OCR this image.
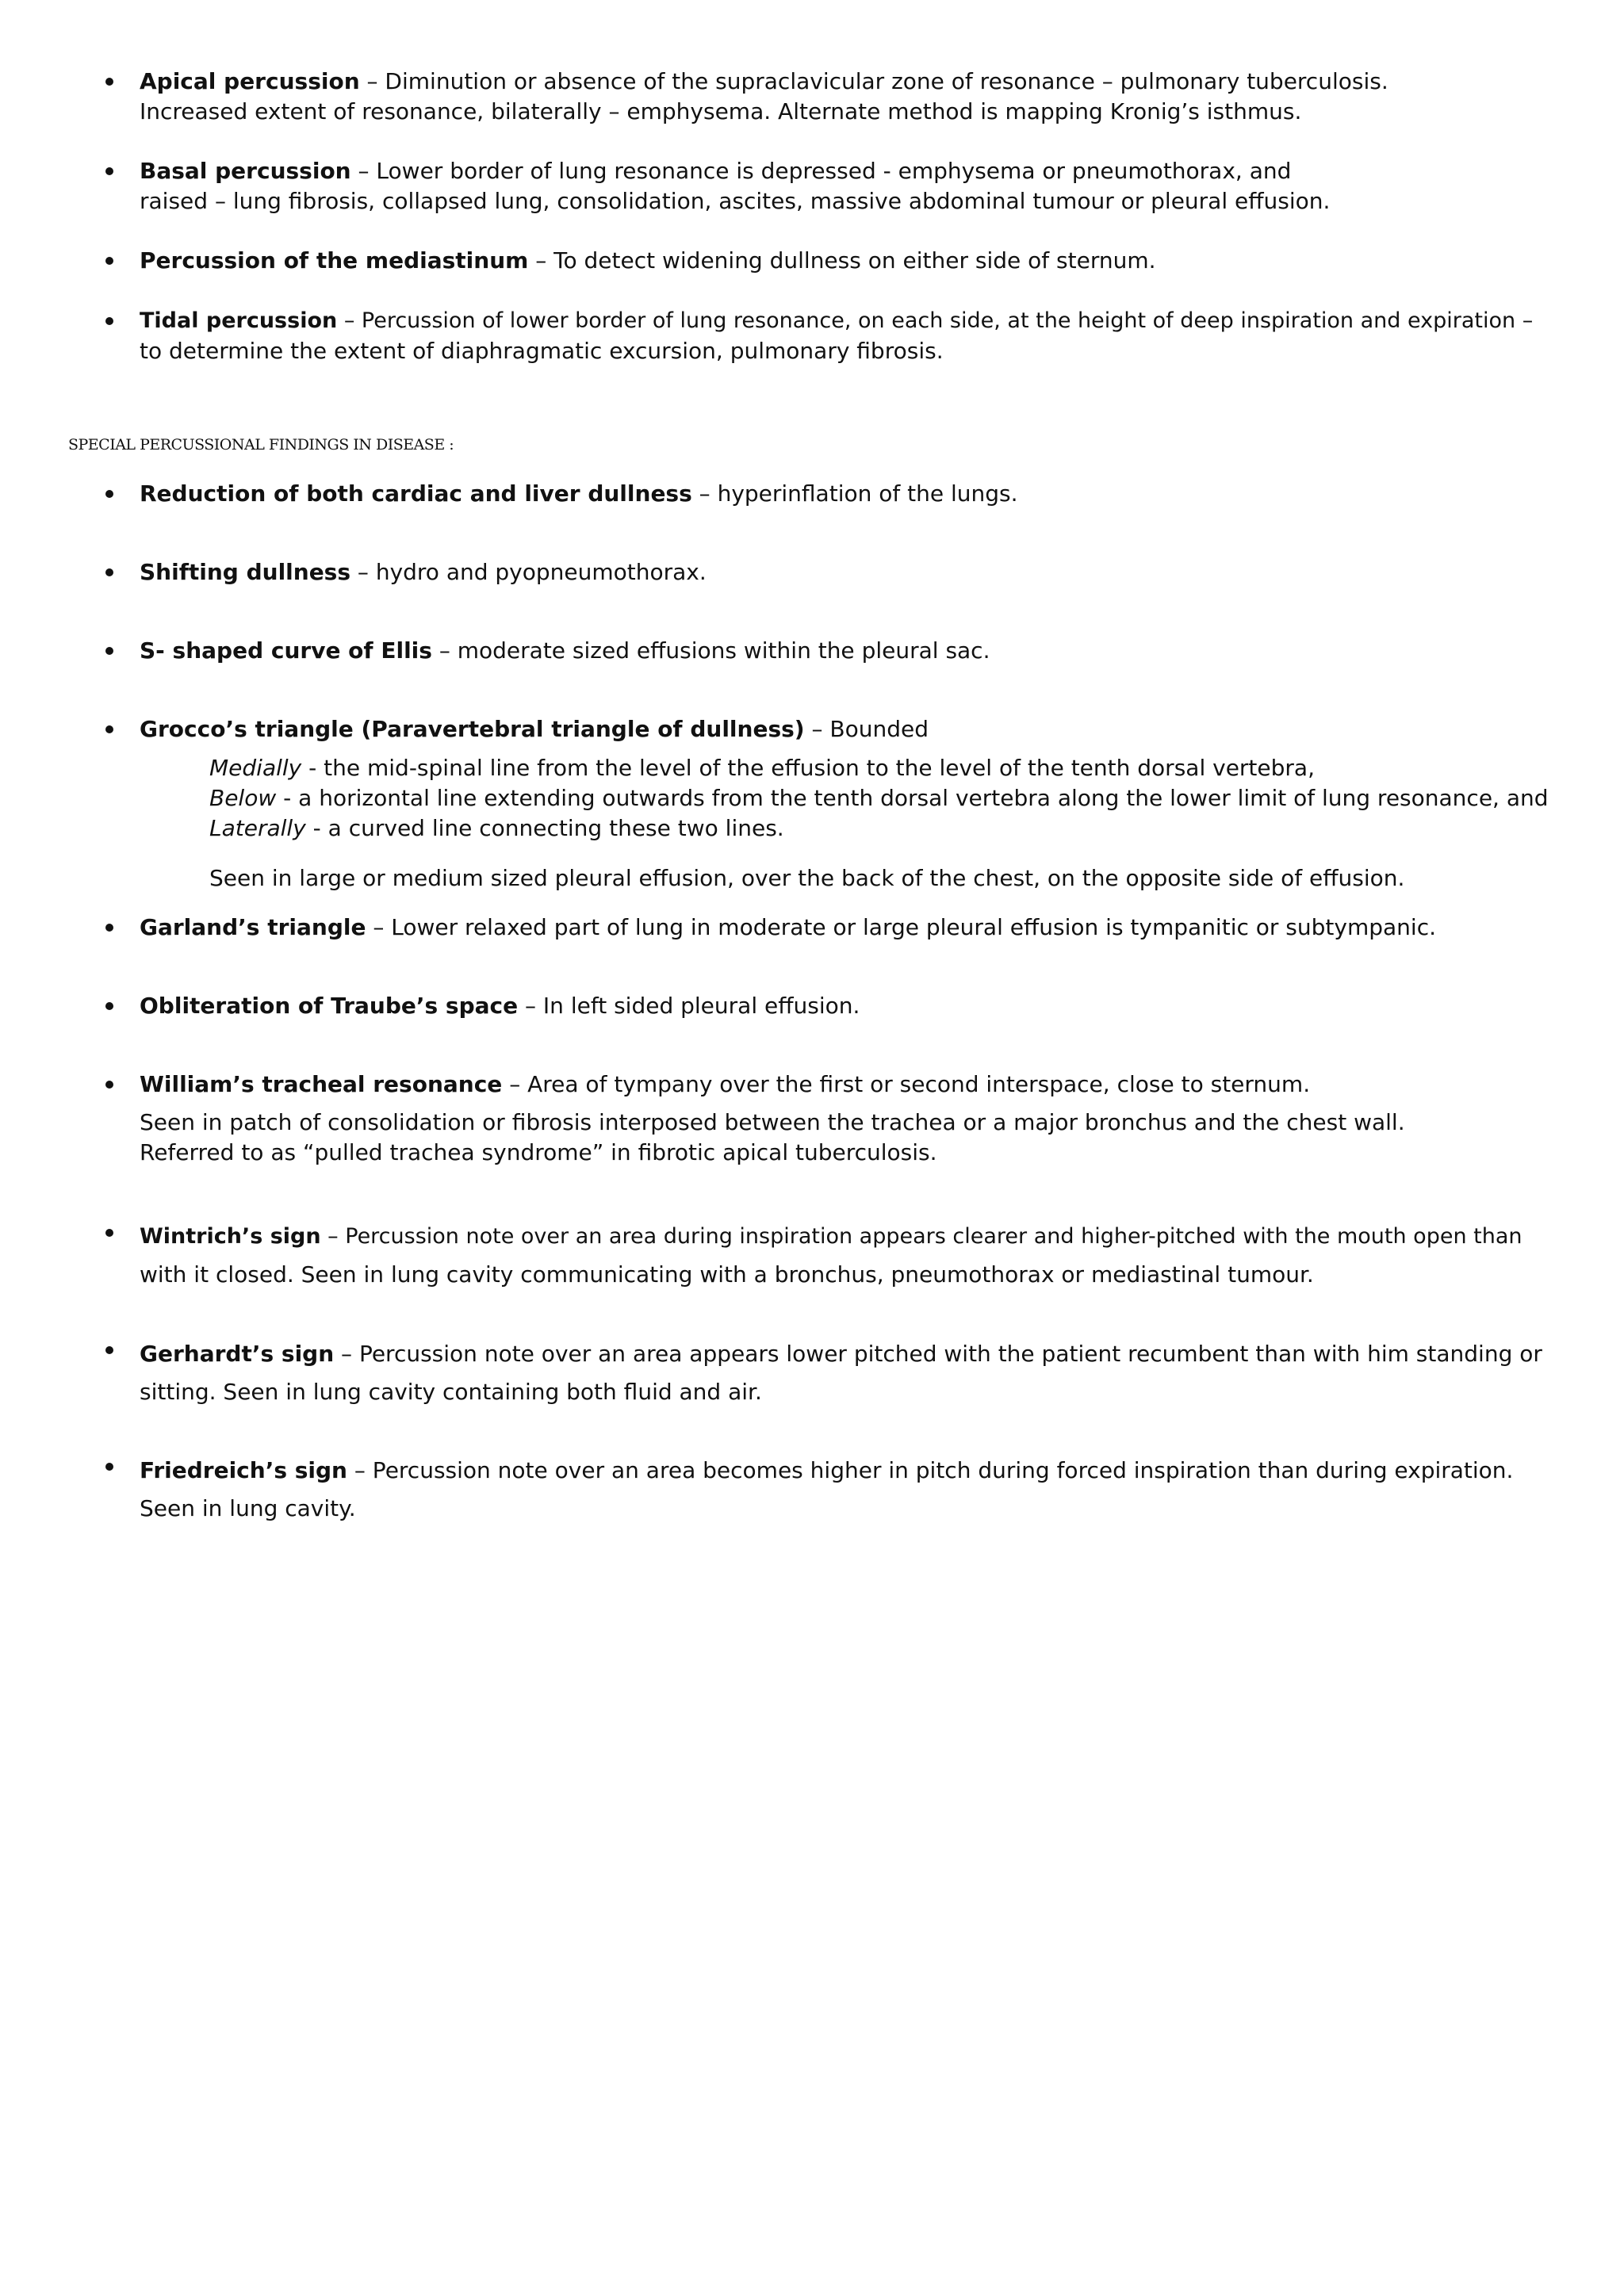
Apical percussion – Diminution or absence of the supraclavicular zone of resonance – pulmonary tuberculosis.
Increased extent of resonance, bilaterally – emphysema. Alternate method is mapping Kronig’s isthmus.
Basal percussion – Lower border of lung resonance is depressed - emphysema or pneumothorax, and
raised – lung fibrosis, collapsed lung, consolidation, ascites, massive abdominal tumour or pleural effusion.
Percussion of the mediastinum – To detect widening dullness on either side of sternum.
Tidal percussion – Percussion of lower border of lung resonance, on each side, at the height of deep inspiration and expiration –
to determine the extent of diaphragmatic excursion, pulmonary fibrosis.
SPECIAL PERCUSSIONAL FINDINGS IN DISEASE :
Reduction of both cardiac and liver dullness – hyperinflation of the lungs.
Shifting dullness – hydro and pyopneumothorax.
S- shaped curve of Ellis – moderate sized effusions within the pleural sac.
Grocco’s triangle (Paravertebral triangle of dullness) – Bounded
Medially - the mid-spinal line from the level of the effusion to the level of the tenth dorsal vertebra,
Below - a horizontal line extending outwards from the tenth dorsal vertebra along the lower limit of lung resonance, and
Laterally - a curved line connecting these two lines.
Seen in large or medium sized pleural effusion, over the back of the chest, on the opposite side of effusion.
Garland’s triangle – Lower relaxed part of lung in moderate or large pleural effusion is tympanitic or subtympanic.
Obliteration of Traube’s space – In left sided pleural effusion.
William’s tracheal resonance – Area of tympany over the first or second interspace, close to sternum.
Seen in patch of consolidation or fibrosis interposed between the trachea or a major bronchus and the chest wall.
Referred to as “pulled trachea syndrome” in fibrotic apical tuberculosis.
Wintrich’s sign – Percussion note over an area during inspiration appears clearer and higher-pitched with the mouth open than
with it closed. Seen in lung cavity communicating with a bronchus, pneumothorax or mediastinal tumour.
Gerhardt’s sign – Percussion note over an area appears lower pitched with the patient recumbent than with him standing or
sitting. Seen in lung cavity containing both fluid and air.
Friedreich’s sign – Percussion note over an area becomes higher in pitch during forced inspiration than during expiration.
Seen in lung cavity.
